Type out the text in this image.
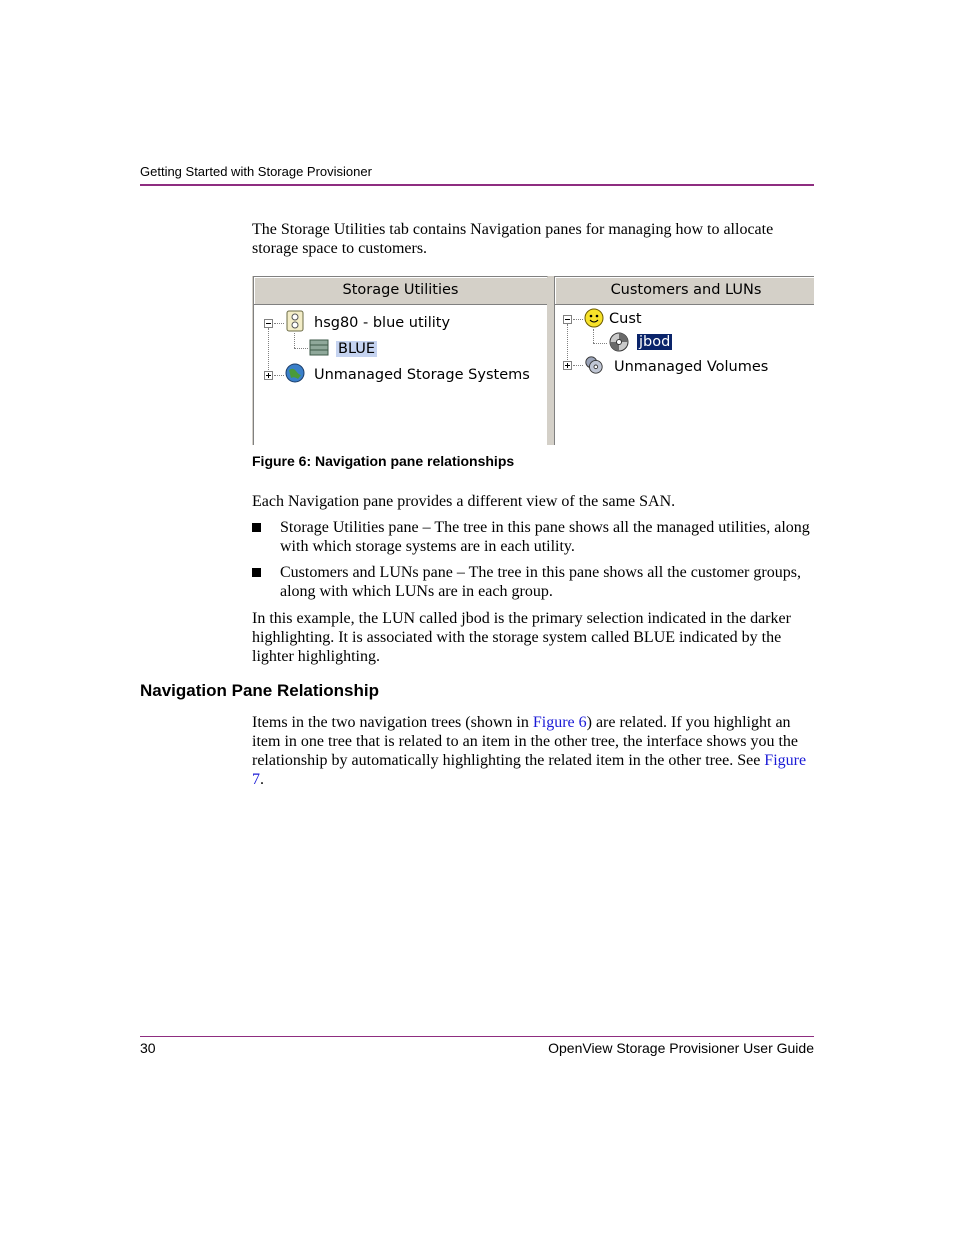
Getting Started with Storage Provisioner
The Storage Utilities tab contains Navigation panes for managing how to allocate storage space to customers.
Storage Utilities
hsg80 - blue utility
BLUE
Unmanaged Storage Systems
Customers and LUNs
Cust
jbod
Unmanaged Volumes
Figure 6: Navigation pane relationships
Each Navigation pane provides a different view of the same SAN.
Storage Utilities pane – The tree in this pane shows all the managed utilities, along with which storage systems are in each utility.
Customers and LUNs pane – The tree in this pane shows all the customer groups, along with which LUNs are in each group.
In this example, the LUN called jbod is the primary selection indicated in the darker highlighting. It is associated with the storage system called BLUE indicated by the lighter highlighting.
Navigation Pane Relationship
Items in the two navigation trees (shown in Figure 6) are related. If you highlight an item in one tree that is related to an item in the other tree, the interface shows you the relationship by automatically highlighting the related item in the other tree. See Figure 7.
30	OpenView Storage Provisioner User Guide
